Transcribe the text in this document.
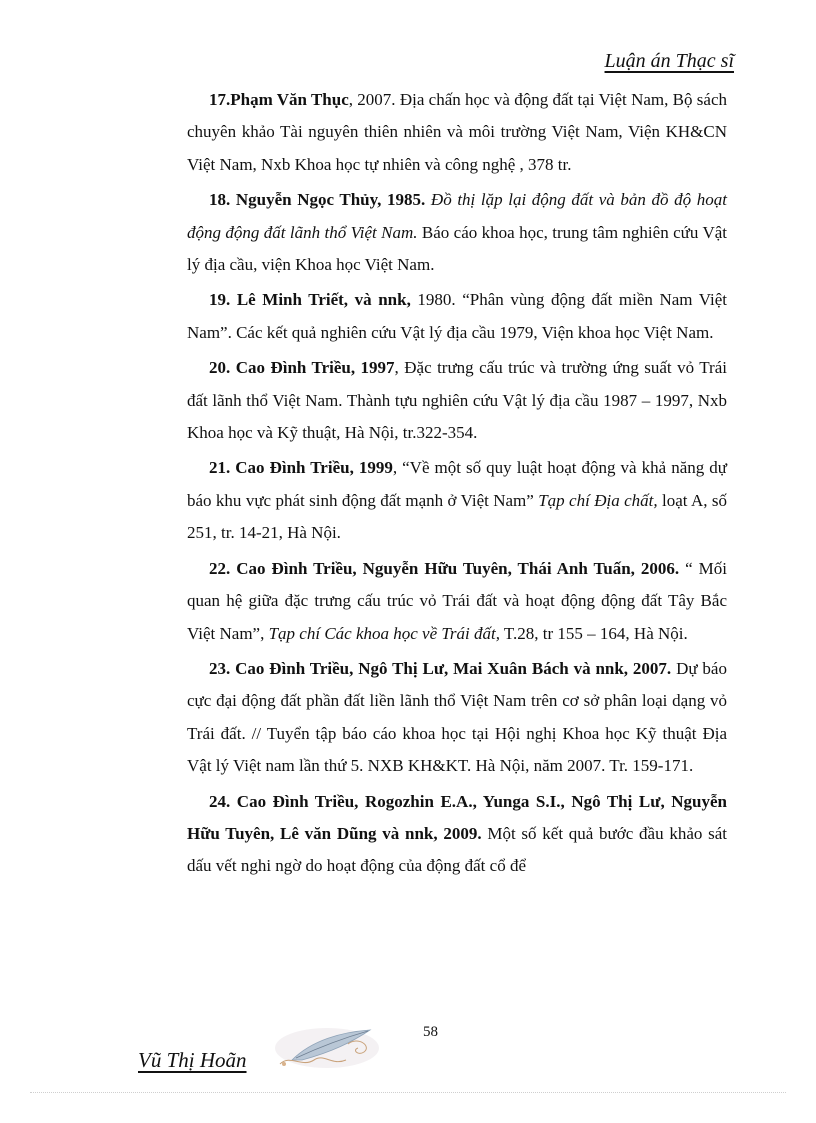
Luận án Thạc sĩ

17.Phạm Văn Thục, 2007. Địa chấn học và động đất tại Việt Nam, Bộ sách chuyên khảo Tài nguyên thiên nhiên và môi trường Việt Nam, Viện KH&CN Việt Nam, Nxb Khoa học tự nhiên và công nghệ , 378 tr.

18. Nguyễn Ngọc Thủy, 1985. Đồ thị lặp lại động đất và bản đồ độ hoạt động động đất lãnh thổ Việt Nam. Báo cáo khoa học, trung tâm nghiên cứu Vật lý địa cầu, viện Khoa học Việt Nam.

19. Lê Minh Triết, và nnk, 1980. “Phân vùng động đất miền Nam Việt Nam”. Các kết quả nghiên cứu Vật lý địa cầu 1979, Viện khoa học Việt Nam.

20. Cao Đình Triều, 1997, Đặc trưng cấu trúc và trường ứng suất vỏ Trái đất lãnh thổ Việt Nam. Thành tựu nghiên cứu Vật lý địa cầu 1987 – 1997, Nxb Khoa học và Kỹ thuật, Hà Nội, tr.322-354.

21. Cao Đình Triều, 1999, “Về một số quy luật hoạt động và khả năng dự báo khu vực phát sinh động đất mạnh ở Việt Nam” Tạp chí Địa chất, loạt A, số 251, tr. 14-21, Hà Nội.

22. Cao Đình Triều, Nguyễn Hữu Tuyên, Thái Anh Tuấn, 2006. “ Mối quan hệ giữa đặc trưng cấu trúc vỏ Trái đất và hoạt động động đất Tây Bắc Việt Nam”, Tạp chí Các khoa học về Trái đất, T.28, tr 155 – 164, Hà Nội.

23. Cao Đình Triều, Ngô Thị Lư, Mai Xuân Bách và nnk, 2007. Dự báo cực đại động đất phần đất liền lãnh thổ Việt Nam trên cơ sở phân loại dạng vỏ Trái đất. // Tuyển tập báo cáo khoa học tại Hội nghị Khoa học Kỹ thuật Địa Vật lý Việt nam lần thứ 5. NXB KH&KT. Hà Nội, năm 2007. Tr. 159-171.

24. Cao Đình Triều, Rogozhin E.A., Yunga S.I., Ngô Thị Lư, Nguyễn Hữu Tuyên, Lê văn Dũng và nnk, 2009. Một số kết quả bước đầu khảo sát dấu vết nghi ngờ do hoạt động của động đất cổ để

58
Vũ Thị Hoãn
